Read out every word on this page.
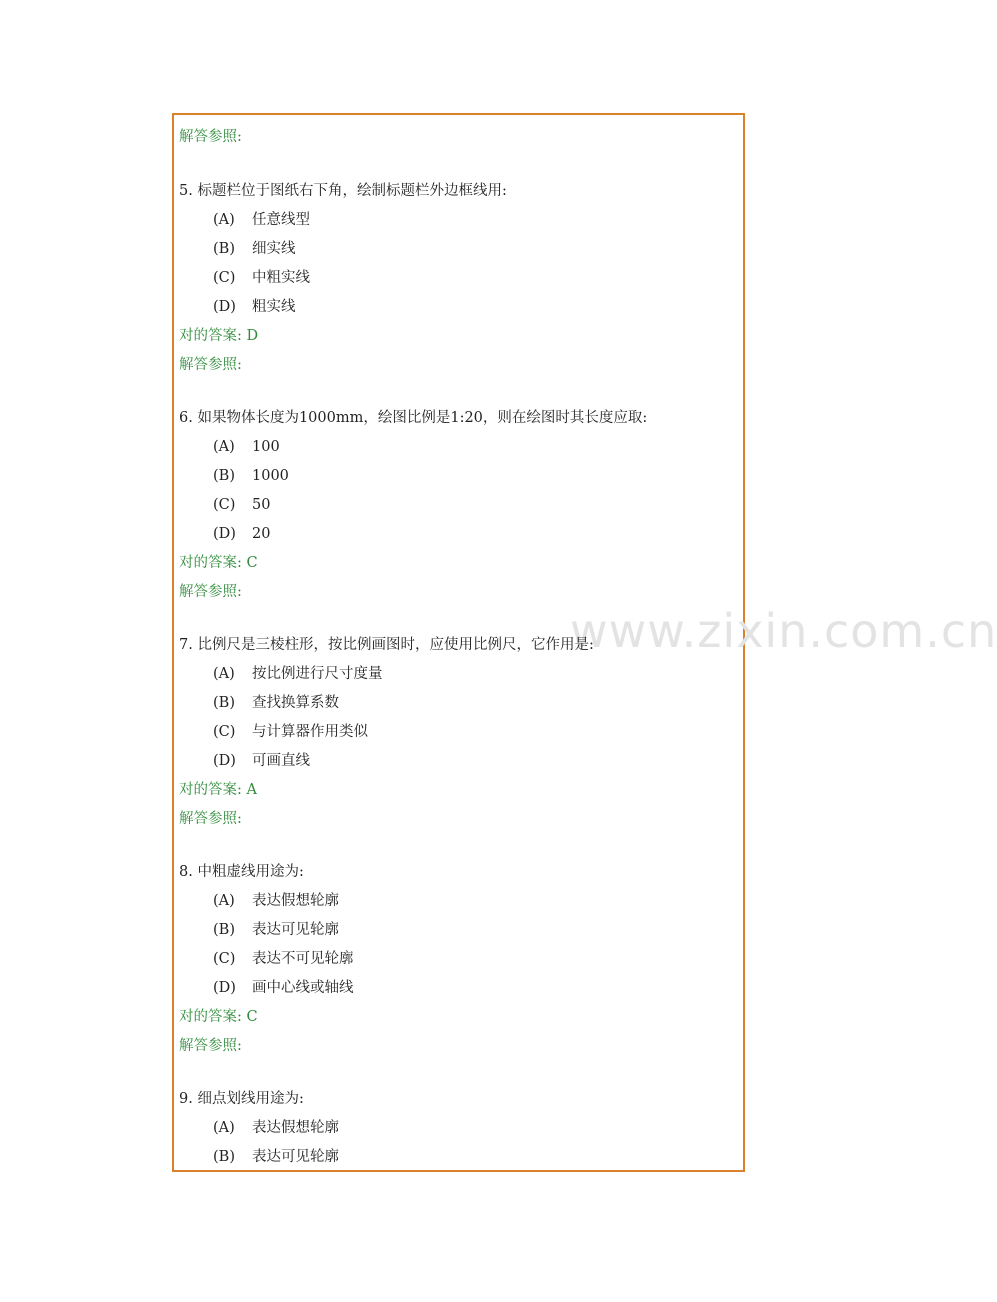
www.zixin.com.cn
解答参照:
5. 标题栏位于图纸右下角，绘制标题栏外边框线用:
(A) 任意线型
(B) 细实线
(C) 中粗实线
(D) 粗实线
对的答案: D
解答参照:
6. 如果物体长度为1000mm，绘图比例是1:20，则在绘图时其长度应取:
(A) 100
(B) 1000
(C) 50
(D) 20
对的答案: C
解答参照:
7. 比例尺是三棱柱形，按比例画图时，应使用比例尺，它作用是:
(A) 按比例进行尺寸度量
(B) 查找换算系数
(C) 与计算器作用类似
(D) 可画直线
对的答案: A
解答参照:
8. 中粗虚线用途为:
(A) 表达假想轮廓
(B) 表达可见轮廓
(C) 表达不可见轮廓
(D) 画中心线或轴线
对的答案: C
解答参照:
9. 细点划线用途为:
(A) 表达假想轮廓
(B) 表达可见轮廓
